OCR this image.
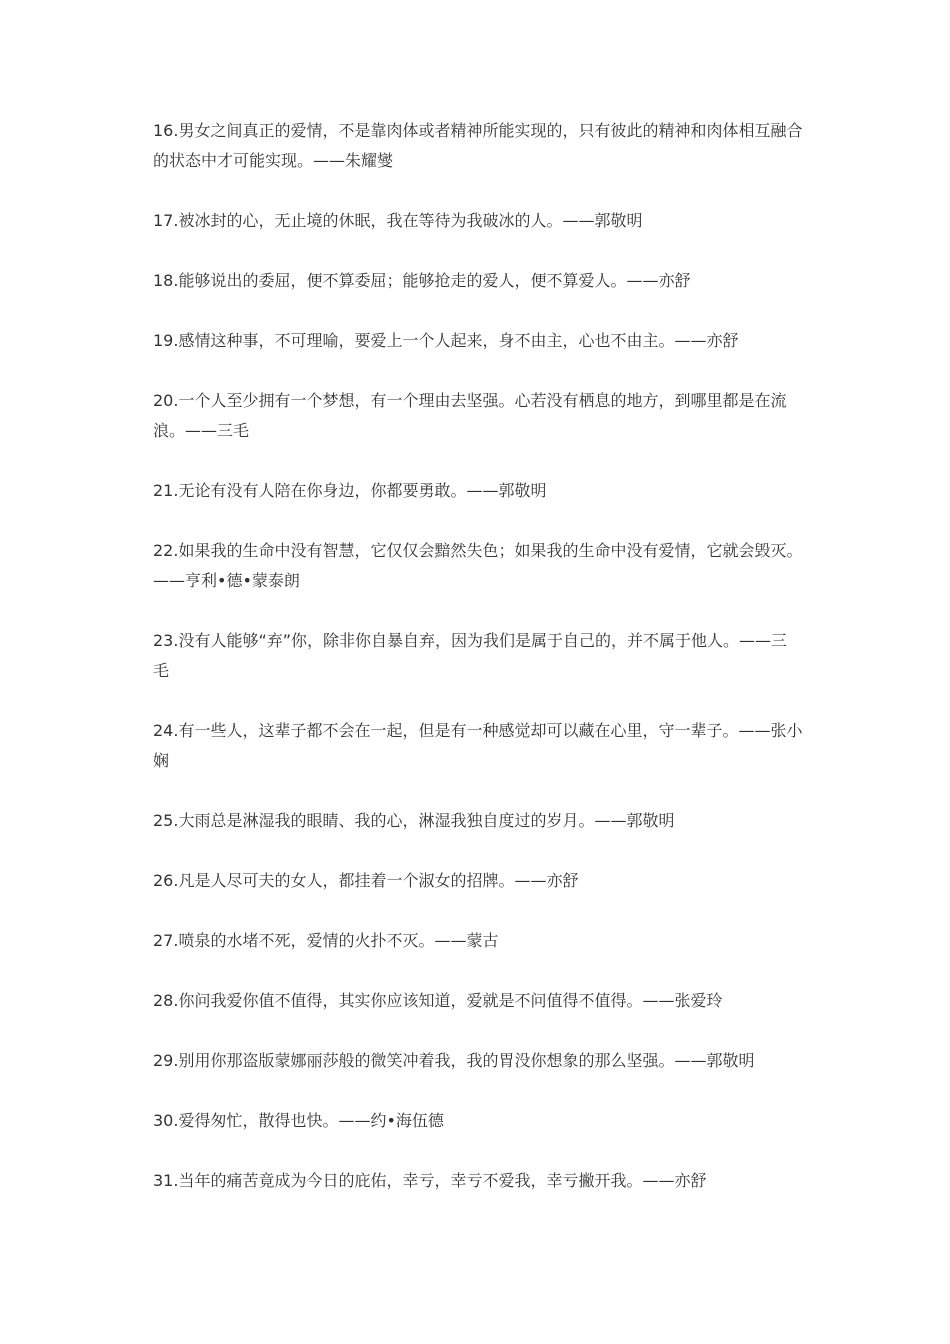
16.男女之间真正的爱情，不是靠肉体或者精神所能实现的，只有彼此的精神和肉体相互融合的状态中才可能实现。——朱耀燮

17.被冰封的心，无止境的休眠，我在等待为我破冰的人。——郭敬明

18.能够说出的委屈，便不算委屈；能够抢走的爱人，便不算爱人。——亦舒

19.感情这种事，不可理喻，要爱上一个人起来，身不由主，心也不由主。——亦舒

20.一个人至少拥有一个梦想，有一个理由去坚强。心若没有栖息的地方，到哪里都是在流浪。——三毛

21.无论有没有人陪在你身边，你都要勇敢。——郭敬明

22.如果我的生命中没有智慧，它仅仅会黯然失色；如果我的生命中没有爱情，它就会毁灭。——亨利•德•蒙泰朗

23.没有人能够“弃”你，除非你自暴自弃，因为我们是属于自己的，并不属于他人。——三毛

24.有一些人，这辈子都不会在一起，但是有一种感觉却可以藏在心里，守一辈子。——张小娴

25.大雨总是淋湿我的眼睛、我的心，淋湿我独自度过的岁月。——郭敬明

26.凡是人尽可夫的女人，都挂着一个淑女的招牌。——亦舒

27.喷泉的水堵不死，爱情的火扑不灭。——蒙古

28.你问我爱你值不值得，其实你应该知道，爱就是不问值得不值得。——张爱玲

29.别用你那盗版蒙娜丽莎般的微笑冲着我，我的胃没你想象的那么坚强。——郭敬明

30.爱得匆忙，散得也快。——约•海伍德

31.当年的痛苦竟成为今日的庇佑，幸亏，幸亏不爱我，幸亏撇开我。——亦舒
